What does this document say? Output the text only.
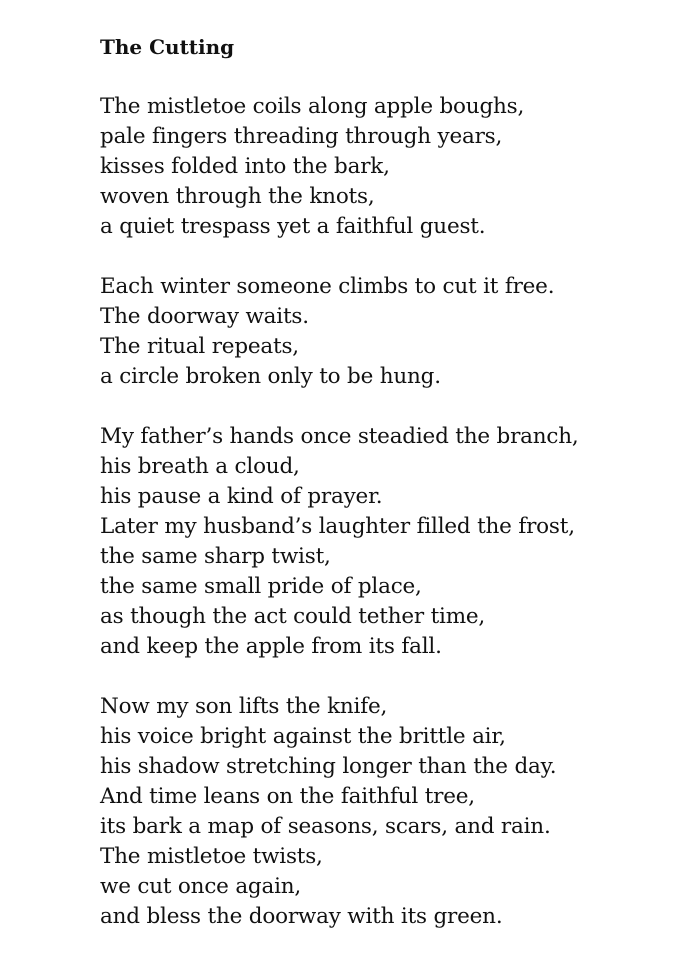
The Cutting
The mistletoe coils along apple boughs,
pale fingers threading through years,
kisses folded into the bark,
woven through the knots,
a quiet trespass yet a faithful guest.
Each winter someone climbs to cut it free.
The doorway waits.
The ritual repeats,
a circle broken only to be hung.
My father’s hands once steadied the branch,
his breath a cloud,
his pause a kind of prayer.
Later my husband’s laughter filled the frost,
the same sharp twist,
the same small pride of place,
as though the act could tether time,
and keep the apple from its fall.
Now my son lifts the knife,
his voice bright against the brittle air,
his shadow stretching longer than the day.
And time leans on the faithful tree,
its bark a map of seasons, scars, and rain.
The mistletoe twists,
we cut once again,
and bless the doorway with its green.
